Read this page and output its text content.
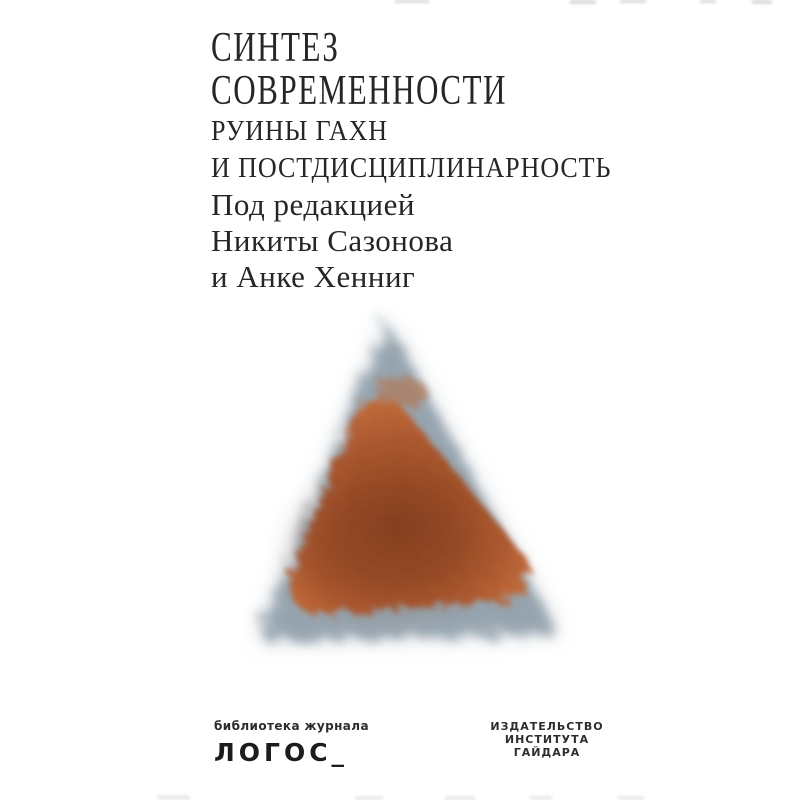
СИНТЕЗ
СОВРЕМЕННОСТИ
РУИНЫ ГАХН
И ПОСТДИСЦИПЛИНАРНОСТЬ
Под редакцией
Никиты Сазонова
и Анке Хенниг
библиотека журнала
ЛОГОС_
ИЗДАТЕЛЬСТВО
ИНСТИТУТА
ГАЙДАРА
